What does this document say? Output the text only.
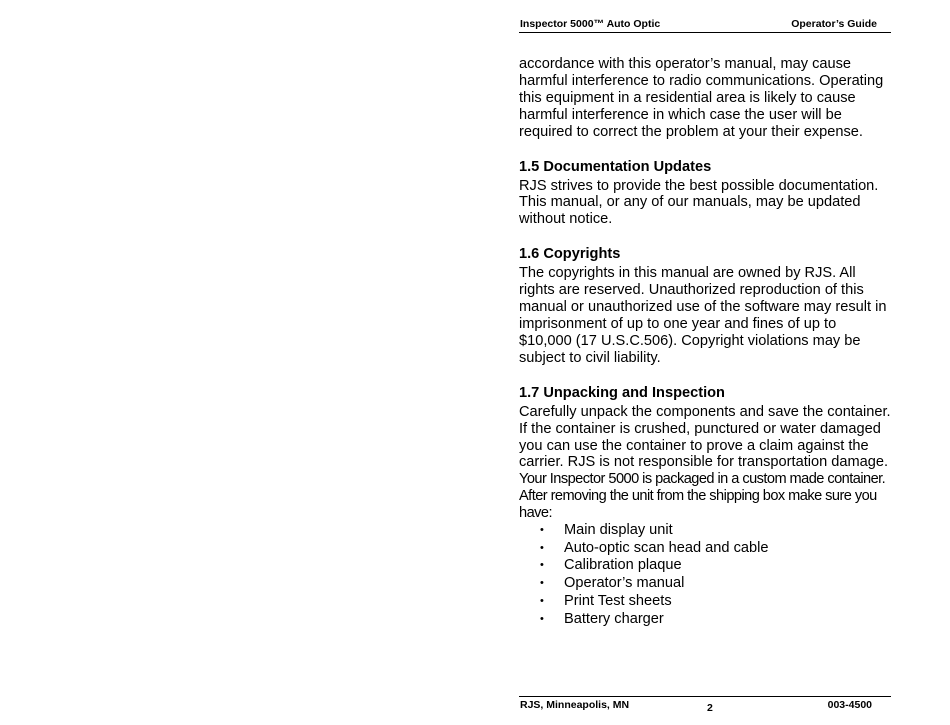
Inspector 5000™ Auto Optic	Operator’s Guide

accordance with this operator’s manual, may cause harmful interference to radio communications. Operating this equipment in a residential area is likely to cause harmful interference in which case the user will be required to correct the problem at your their expense.

1.5 Documentation Updates

RJS strives to provide the best possible documentation. This manual, or any of our manuals, may be updated without notice.

1.6 Copyrights

The copyrights in this manual are owned by RJS. All rights are reserved. Unauthorized reproduction of this manual or unauthorized use of the software may result in imprisonment of up to one year and fines of up to $10,000 (17 U.S.C.506). Copyright violations may be subject to civil liability.

1.7 Unpacking and Inspection

Carefully unpack the components and save the container. If the container is crushed, punctured or water damaged you can use the container to prove a claim against the carrier. RJS is not responsible for transportation damage.

Your Inspector 5000 is packaged in a custom made container. After removing the unit from the shipping box make sure you have:

• Main display unit
• Auto-optic scan head and cable
• Calibration plaque
• Operator’s manual
• Print Test sheets
• Battery charger
RJS, Minneapolis, MN	2	003-4500
